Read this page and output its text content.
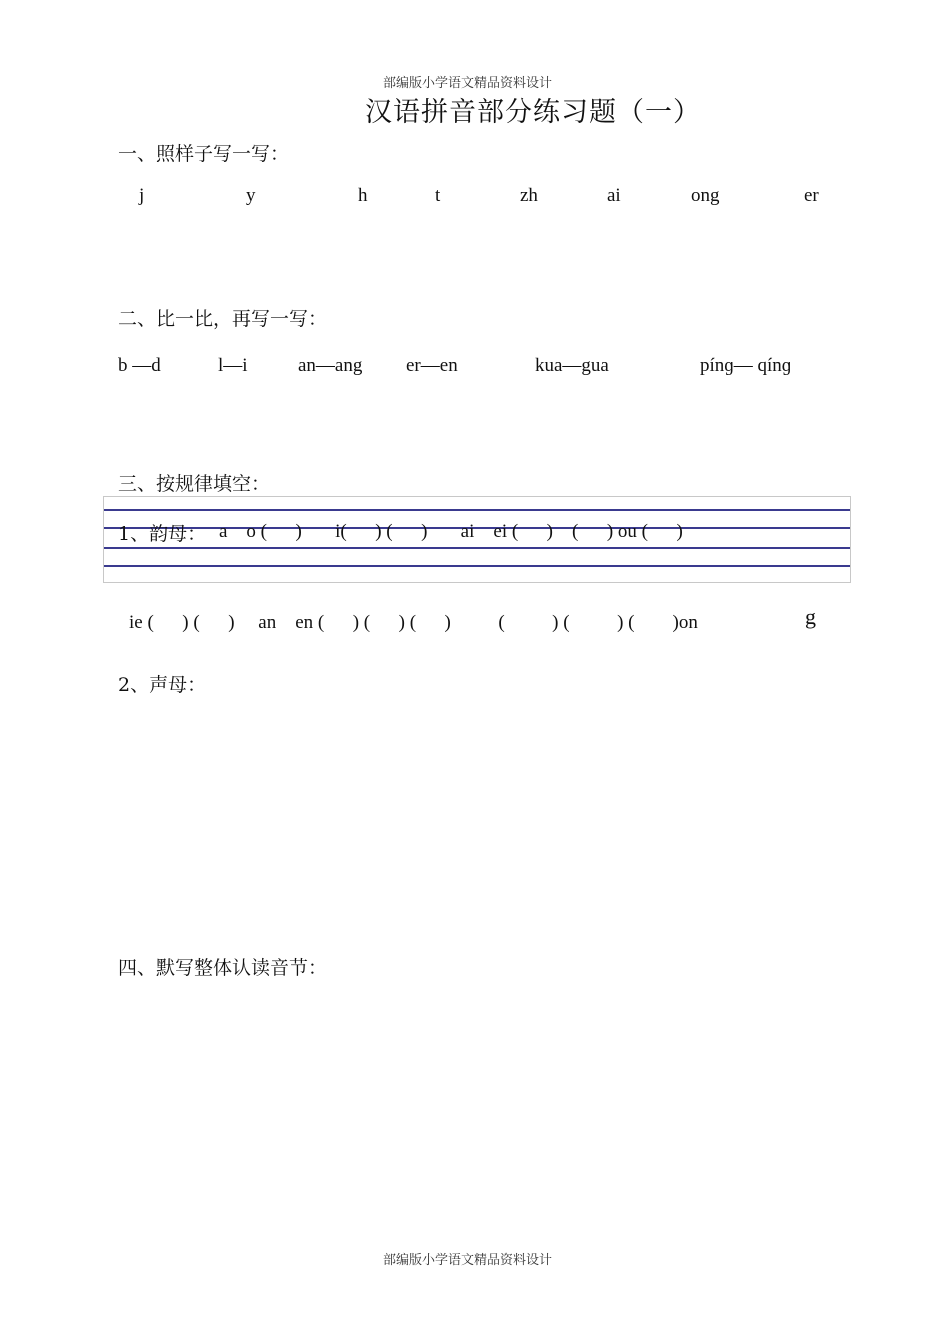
部编版小学语文精品资料设计
汉语拼音部分练习题（一）
一、照样子写一写：
j	y	h	t	zh	ai	ong	er
二、比一比，再写一写：
b —d	l—i	an—ang er—en	kua—gua	pínɡ— qínɡ
三、按规律填空：
1、韵母： a    o (      )       i(      ) (      )       ai    ei (      )    (      ) ou (      )
ie (      ) (      )     an    en (      ) (      ) (      )          (          ) (          ) (        )on	g
2、声母：
四、默写整体认读音节：
部编版小学语文精品资料设计
